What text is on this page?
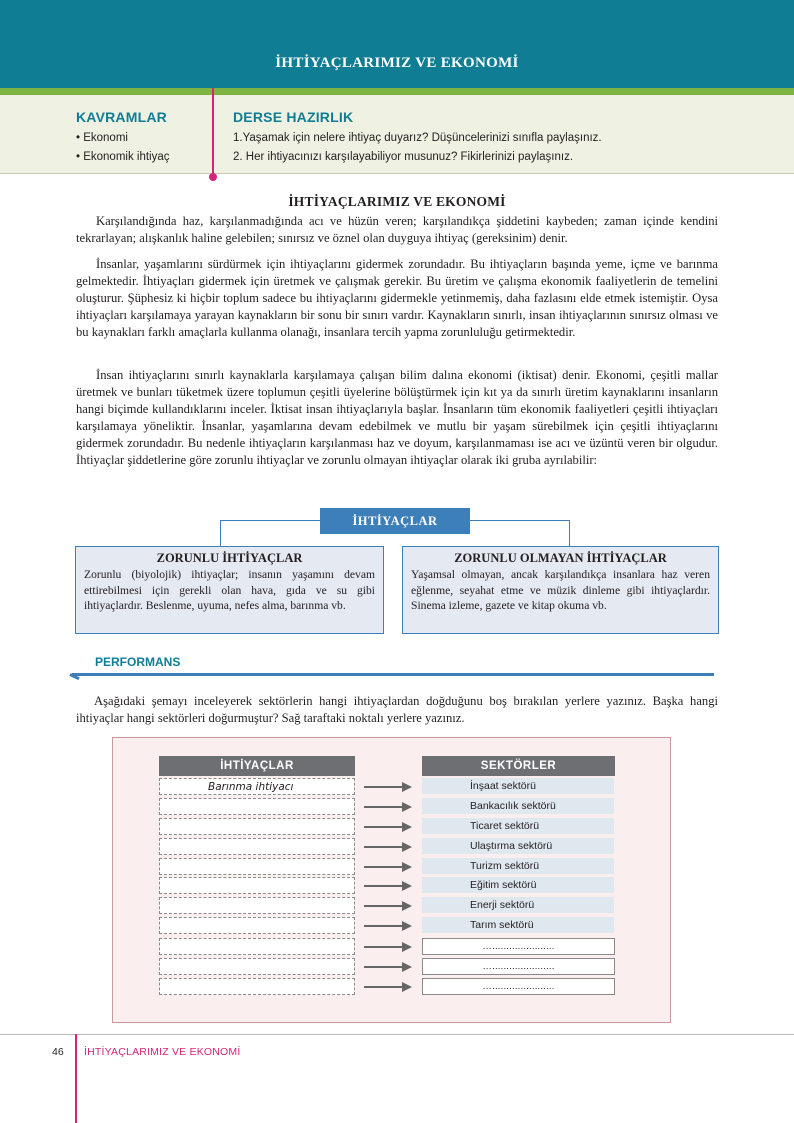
İHTİYAÇLARIMIZ VE EKONOMİ
KAVRAMLAR
• Ekonomi
• Ekonomik ihtiyaç
DERSE HAZIRLIK
1.Yaşamak için nelere ihtiyaç duyarız? Düşüncelerinizi sınıfla paylaşınız.
2. Her ihtiyacınızı karşılayabiliyor musunuz? Fikirlerinizi paylaşınız.
İHTİYAÇLARIMIZ VE EKONOMİ

Karşılandığında haz, karşılanmadığında acı ve hüzün veren; karşılandıkça şiddetini kaybeden; zaman içinde kendini tekrarlayan; alışkanlık haline gelebilen; sınırsız ve öznel olan duyguya ihtiyaç (gereksinim) denir.

İnsanlar, yaşamlarını sürdürmek için ihtiyaçlarını gidermek zorundadır. Bu ihtiyaçların başında yeme, içme ve barınma gelmektedir. İhtiyaçları gidermek için üretmek ve çalışmak gerekir. Bu üretim ve çalışma ekonomik faaliyetlerin de temelini oluşturur. Şüphesiz ki hiçbir toplum sadece bu ihtiyaçlarını gidermekle yetinmemiş, daha fazlasını elde etmek istemiştir. Oysa ihtiyaçları karşılamaya yarayan kaynakların bir sonu bir sınırı vardır. Kaynakların sınırlı, insan ihtiyaçlarının sınırsız olması ve bu kaynakları farklı amaçlarla kullanma olanağı, insanlara tercih yapma zorunluluğu getirmektedir.

İnsan ihtiyaçlarını sınırlı kaynaklarla karşılamaya çalışan bilim dalına ekonomi (iktisat) denir. Ekonomi, çeşitli mallar üretmek ve bunları tüketmek üzere toplumun çeşitli üyelerine bölüştürmek için kıt ya da sınırlı üretim kaynaklarını insanların hangi biçimde kullandıklarını inceler. İktisat insan ihtiyaçlarıyla başlar. İnsanların tüm ekonomik faaliyetleri çeşitli ihtiyaçları karşılamaya yöneliktir. İnsanlar, yaşamlarına devam edebilmek ve mutlu bir yaşam sürebilmek için çeşitli ihtiyaçlarını gidermek zorundadır. Bu nedenle ihtiyaçların karşılanması haz ve doyum, karşılanmaması ise acı ve üzüntü veren bir olgudur. İhtiyaçlar şiddetlerine göre zorunlu ihtiyaçlar ve zorunlu olmayan ihtiyaçlar olarak iki gruba ayrılabilir:

İHTİYAÇLAR
ZORUNLU İHTİYAÇLAR

Zorunlu (biyolojik) ihtiyaçlar; insanın yaşamını devam ettirebilmesi için gerekli olan hava, gıda ve su gibi ihtiyaçlardır. Beslenme, uyuma, nefes alma, barınma vb.

ZORUNLU OLMAYAN İHTİYAÇLAR

Yaşamsal olmayan, ancak karşılandıkça insanlara haz veren eğlenme, seyahat etme ve müzik dinleme gibi ihtiyaçlardır. Sinema izleme, gazete ve kitap okuma vb.

PERFORMANS

Aşağıdaki şemayı inceleyerek sektörlerin hangi ihtiyaçlardan doğduğunu boş bırakılan yerlere yazınız. Başka hangi ihtiyaçlar hangi sektörleri doğurmuştur? Sağ taraftaki noktalı yerlere yazınız.

İHTİYAÇLAR	SEKTÖRLER
Barınma ihtiyacı	İnşaat sektörü
Bankacılık sektörü
Ticaret sektörü
Ulaştırma sektörü
Turizm sektörü
Eğitim sektörü
Enerji sektörü
Tarım sektörü
…......................
…......................
…......................
46 İHTİYAÇLARIMIZ VE EKONOMİ
